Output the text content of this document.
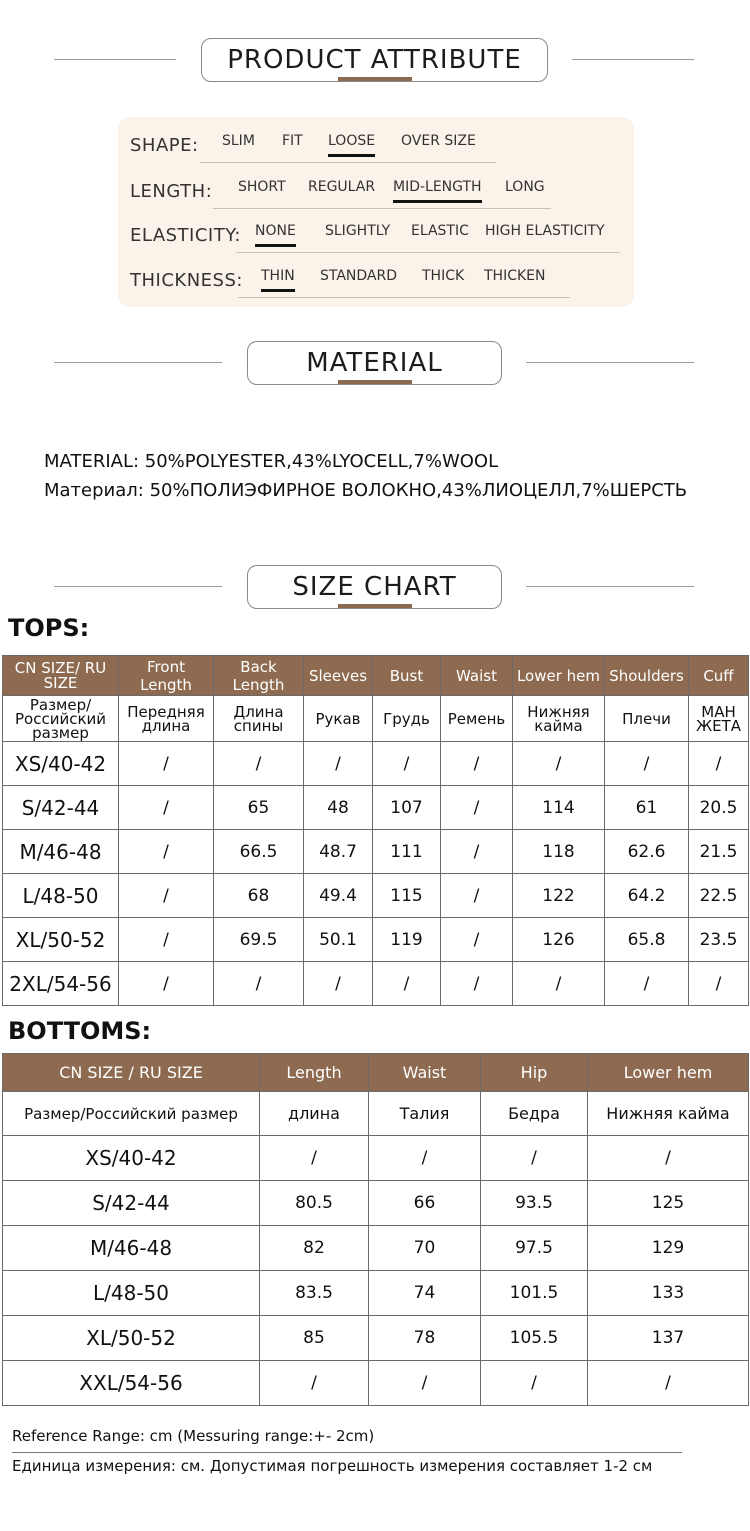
PRODUCT ATTRIBUTE
SHAPE: SLIM FIT LOOSE OVER SIZE
LENGTH: SHORT REGULAR MID-LENGTH LONG
ELASTICITY: NONE SLIGHTLY ELASTIC HIGH ELASTICITY
THICKNESS: THIN STANDARD THICK THICKEN
MATERIAL
MATERIAL: 50%POLYESTER,43%LYOCELL,7%WOOL
Материал: 50%ПОЛИЭФИРНОЕ ВОЛОКНО,43%ЛИОЦЕЛЛ,7%ШЕРСТЬ
SIZE CHART
TOPS:
CN SIZE/ RU SIZE	Front Length	Back Length	Sleeves	Bust	Waist	Lower hem	Shoulders	Cuff
Размер/ Российский размер	Передняя длина	Длина спины	Рукав	Грудь	Ремень	Нижняя кайма	Плечи	МАН ЖЕТА
XS/40-42	/	/	/	/	/	/	/	/
S/42-44	/	65	48	107	/	114	61	20.5
M/46-48	/	66.5	48.7	111	/	118	62.6	21.5
L/48-50	/	68	49.4	115	/	122	64.2	22.5
XL/50-52	/	69.5	50.1	119	/	126	65.8	23.5
2XL/54-56	/	/	/	/	/	/	/	/
BOTTOMS:
CN SIZE / RU SIZE	Length	Waist	Hip	Lower hem
Размер/Российский размер	длина	Талия	Бедра	Нижняя кайма
XS/40-42	/	/	/	/
S/42-44	80.5	66	93.5	125
M/46-48	82	70	97.5	129
L/48-50	83.5	74	101.5	133
XL/50-52	85	78	105.5	137
XXL/54-56	/	/	/	/
Reference Range: cm (Messuring range:+- 2cm)
Единица измерения: см. Допустимая погрешность измерения составляет 1-2 см
